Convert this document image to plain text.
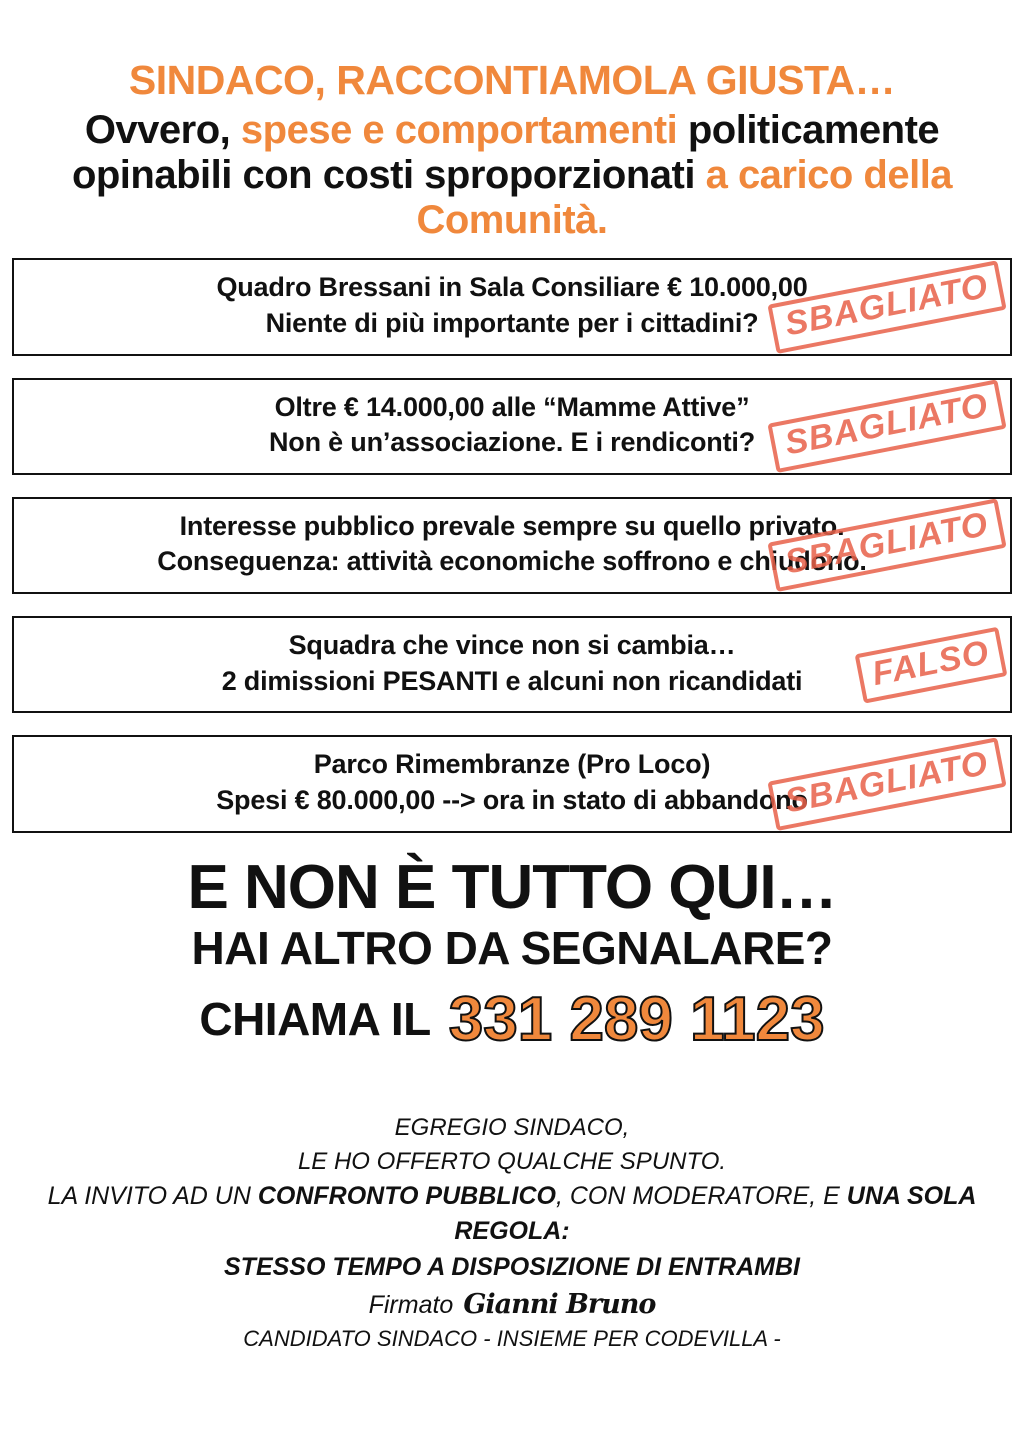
SINDACO, RACCONTIAMOLA GIUSTA…
Ovvero, spese e comportamenti politicamente
opinabili con costi sproporzionati a carico della
Comunità.
Quadro Bressani in Sala Consiliare € 10.000,00
Niente di più importante per i cittadini? SBAGLIATO
Oltre € 14.000,00 alle “Mamme Attive”
Non è un’associazione. E i rendiconti? SBAGLIATO
Interesse pubblico prevale sempre su quello privato.
Conseguenza: attività economiche soffrono e chiudono.
SBAGLIATO
Squadra che vince non si cambia…
2 dimissioni PESANTI e alcuni non ricandidati	FALSO
Parco Rimembranze (Pro Loco)
Spesi € 80.000,00 --> ora in stato di abbandono
SBAGLIATO
E NON È TUTTO QUI…
HAI ALTRO DA SEGNALARE?
CHIAMA IL 331 289 1123
EGREGIO SINDACO,
LE HO OFFERTO QUALCHE SPUNTO.
LA INVITO AD UN CONFRONTO PUBBLICO, CON MODERATORE, E UNA SOLA REGOLA:
STESSO TEMPO A DISPOSIZIONE DI ENTRAMBI
Firmato Gianni Bruno
CANDIDATO SINDACO - INSIEME PER CODEVILLA -
